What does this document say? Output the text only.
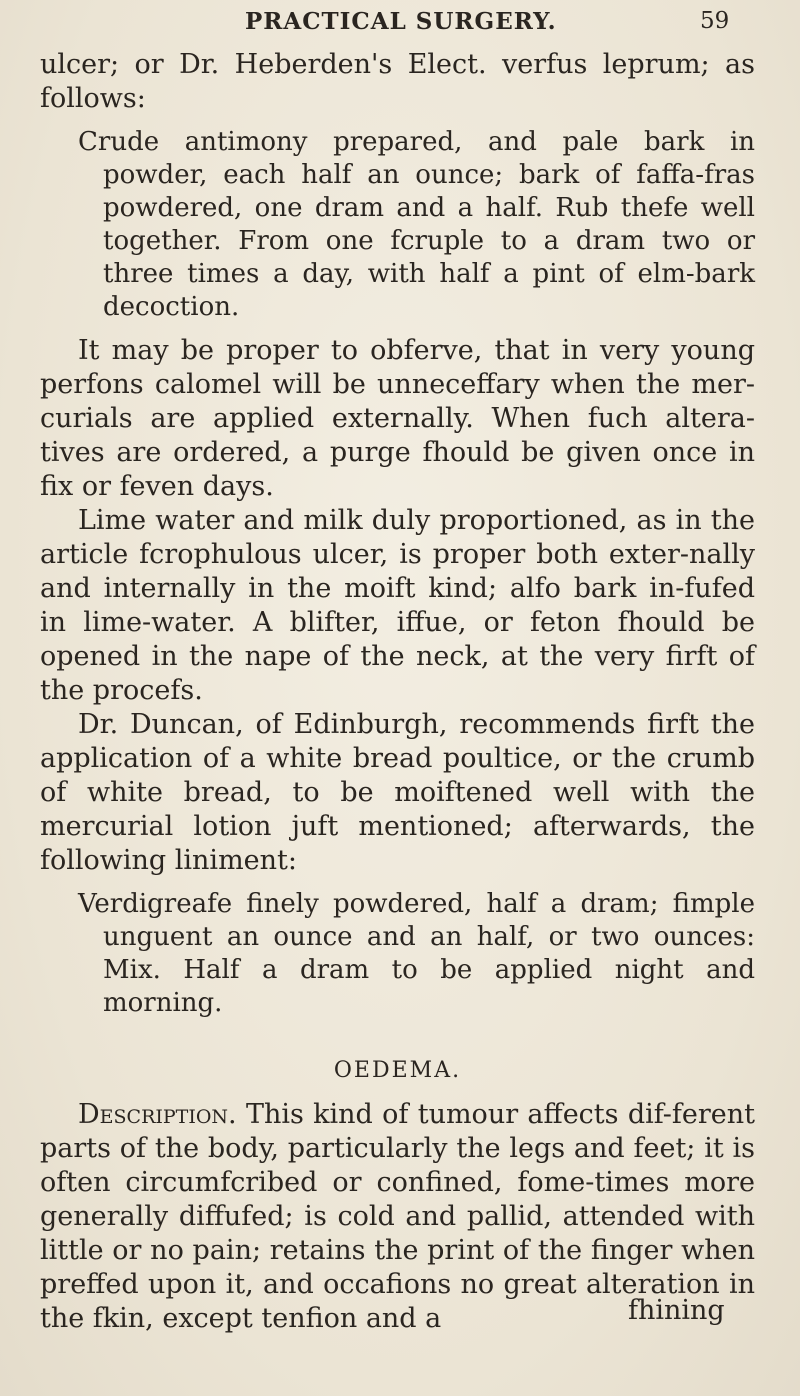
PRACTICAL SURGERY.	59

ulcer; or Dr. Heberden's Elect. verfus leprum; as follows:

Crude antimony prepared, and pale bark in powder, each half an ounce; bark of faffa-fras powdered, one dram and a half. Rub thefe well together. From one fcruple to a dram two or three times a day, with half a pint of elm-bark decoction.

It may be proper to obferve, that in very young perfons calomel will be unneceffary when the mer-curials are applied externally. When fuch altera-tives are ordered, a purge fhould be given once in fix or feven days.

Lime water and milk duly proportioned, as in the article fcrophulous ulcer, is proper both exter-nally and internally in the moift kind; alfo bark in-fufed in lime-water. A blifter, iffue, or feton fhould be opened in the nape of the neck, at the very firft of the procefs.

Dr. Duncan, of Edinburgh, recommends firft the application of a white bread poultice, or the crumb of white bread, to be moiftened well with the mercurial lotion juft mentioned; afterwards, the following liniment:

Verdigreafe finely powdered, half a dram; fimple unguent an ounce and an half, or two ounces: Mix. Half a dram to be applied night and morning.

OEDEMA.

Description. This kind of tumour affects dif-ferent parts of the body, particularly the legs and feet; it is often circumfcribed or confined, fome-times more generally diffufed; is cold and pallid, attended with little or no pain; retains the print of the finger when preffed upon it, and occafions no great alteration in the fkin, except tenfion and a	fhining
